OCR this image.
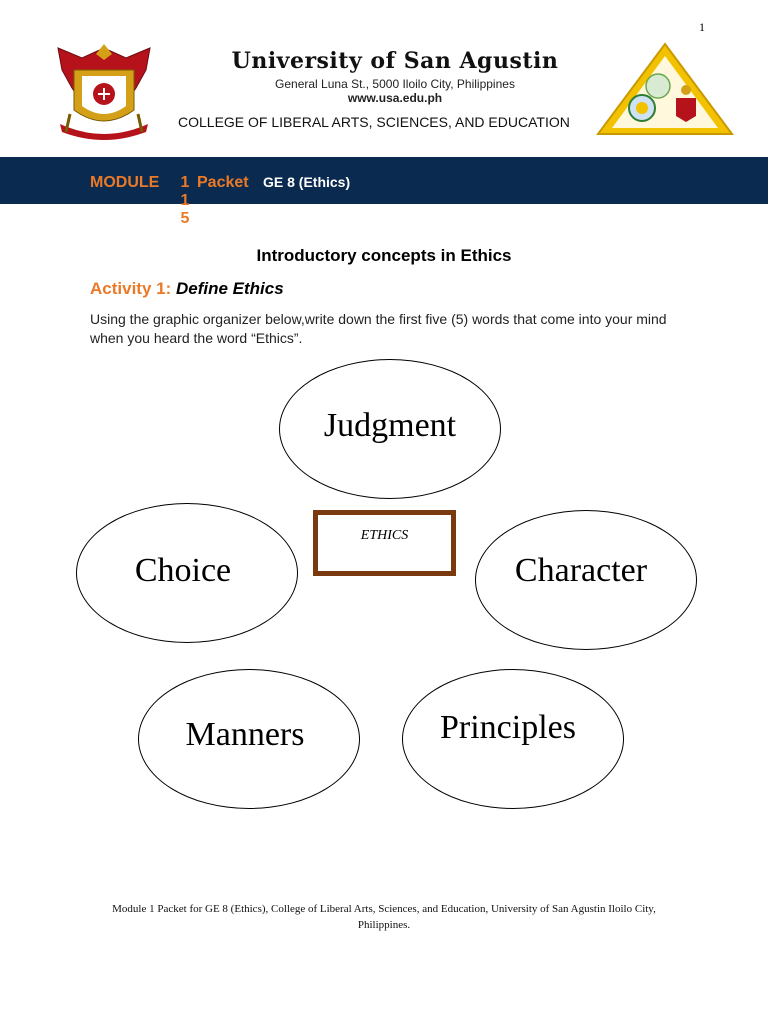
1
University of San Agustin
General Luna St., 5000 Iloilo City, Philippines
www.usa.edu.ph
COLLEGE OF LIBERAL ARTS, SCIENCES, AND EDUCATION
MODULE 1
1
5
Packet GE 8 (Ethics)
Introductory concepts in Ethics
Activity 1: Define Ethics
Using the graphic organizer below,write down the first five (5) words that come into your mind when you heard the word “Ethics”.
Judgment
Choice	Character
Manners	Principles
ETHICS
Module 1 Packet for GE 8 (Ethics), College of Liberal Arts, Sciences, and Education, University of San Agustin Iloilo City, Philippines.
